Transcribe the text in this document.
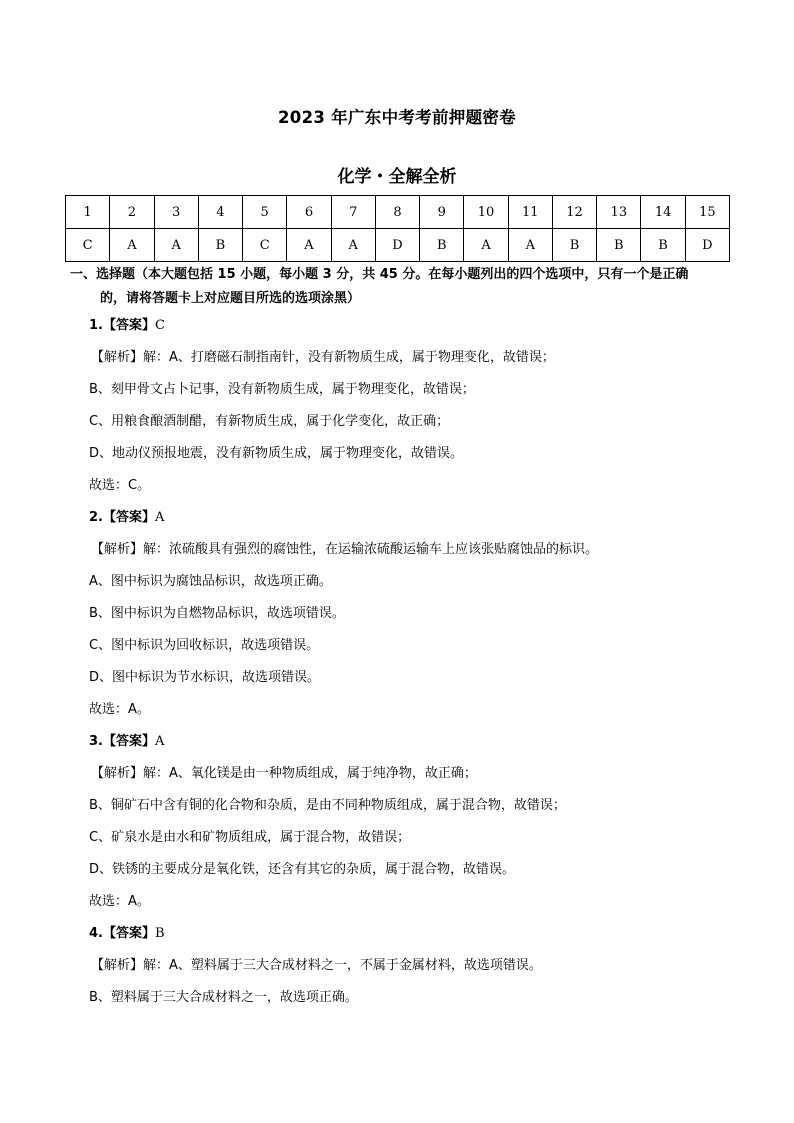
2023 年广东中考考前押题密卷
化学・全解全析
1	2	3	4	5	6	7	8	9	10	11	12	13	14	15
C	A	A	B	C	A	A	D	B	A	A	B	B	B	D
一、选择题（本大题包括 15 小题，每小题 3 分，共 45 分。在每小题列出的四个选项中，只有一个是正确
的，请将答题卡上对应题目所选的选项涂黑）
1.【答案】C
【解析】解：A、打磨磁石制指南针，没有新物质生成，属于物理变化，故错误；
B、刻甲骨文占卜记事，没有新物质生成，属于物理变化，故错误；
C、用粮食酿酒制醋，有新物质生成，属于化学变化，故正确；
D、地动仪预报地震，没有新物质生成，属于物理变化，故错误。
故选：C。
2.【答案】A
【解析】解：浓硫酸具有强烈的腐蚀性，在运输浓硫酸运输车上应该张贴腐蚀品的标识。
A、图中标识为腐蚀品标识，故选项正确。
B、图中标识为自燃物品标识，故选项错误。
C、图中标识为回收标识，故选项错误。
D、图中标识为节水标识，故选项错误。
故选：A。
3.【答案】A
【解析】解：A、氧化镁是由一种物质组成，属于纯净物，故正确；
B、铜矿石中含有铜的化合物和杂质，是由不同种物质组成，属于混合物，故错误；
C、矿泉水是由水和矿物质组成，属于混合物，故错误；
D、铁锈的主要成分是氧化铁，还含有其它的杂质，属于混合物，故错误。
故选：A。
4.【答案】B
【解析】解：A、塑料属于三大合成材料之一，不属于金属材料，故选项错误。
B、塑料属于三大合成材料之一，故选项正确。
